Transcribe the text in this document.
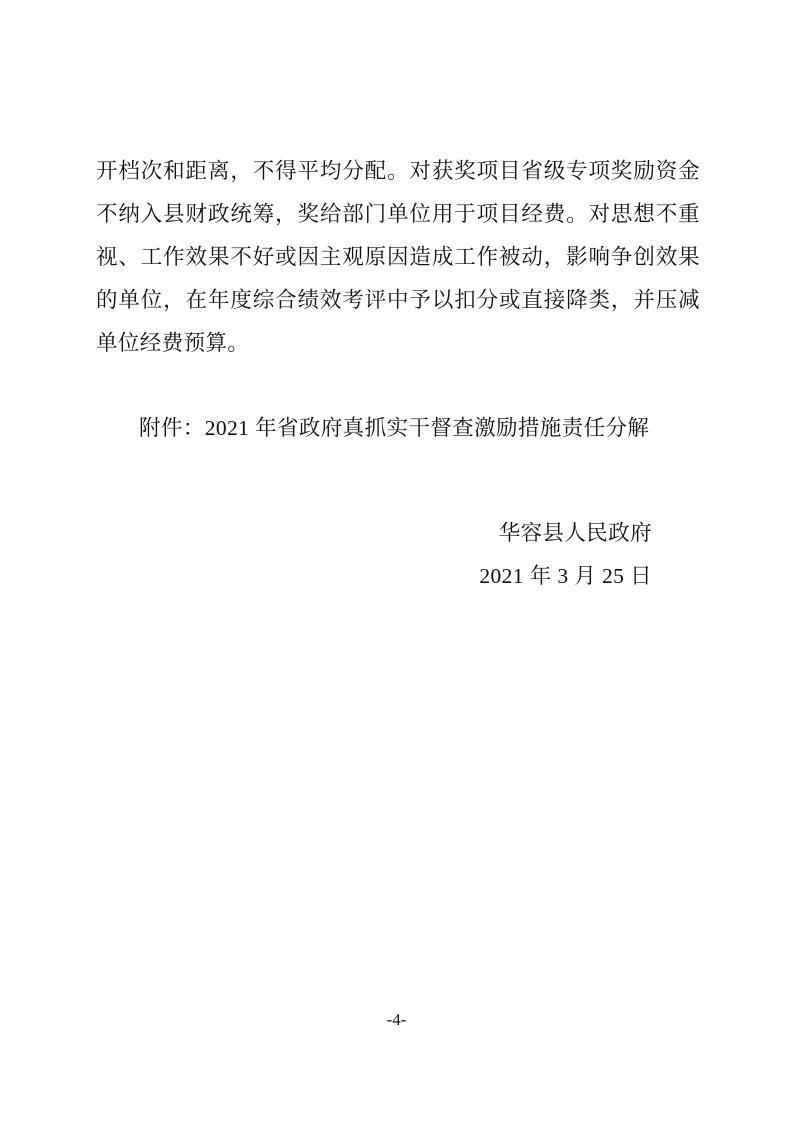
开档次和距离，不得平均分配。对获奖项目省级专项奖励资金不纳入县财政统筹，奖给部门单位用于项目经费。对思想不重视、工作效果不好或因主观原因造成工作被动，影响争创效果的单位，在年度综合绩效考评中予以扣分或直接降类，并压减单位经费预算。

附件：2021 年省政府真抓实干督查激励措施责任分解
华容县人民政府
2021 年 3 月 25 日
-4-
